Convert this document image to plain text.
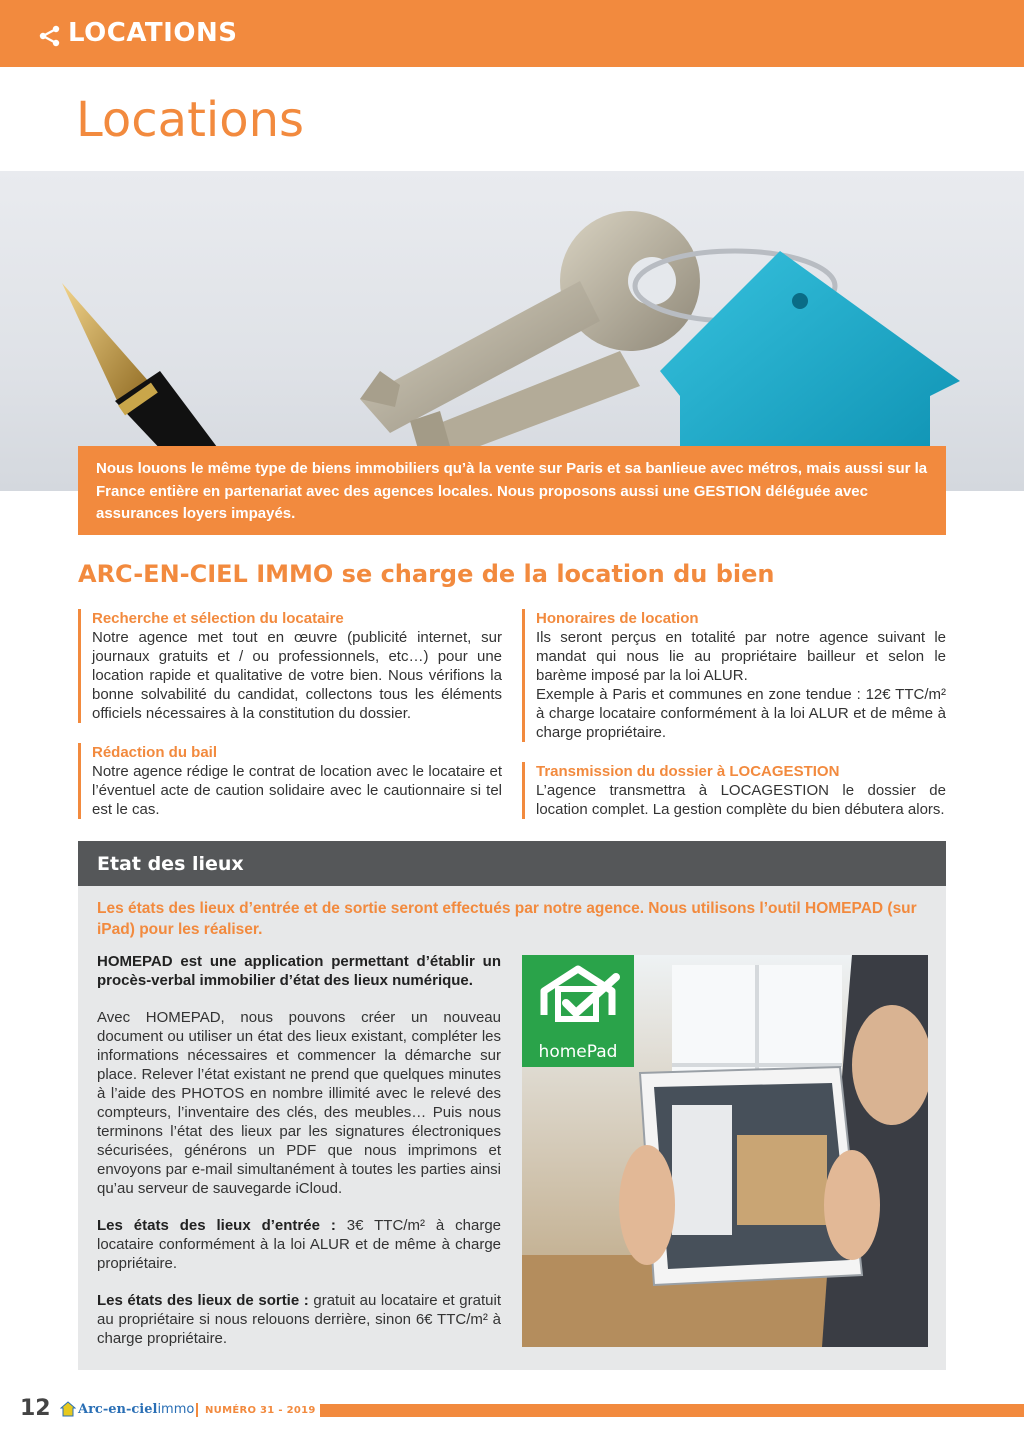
LOCATIONS
Locations

Nous louons le même type de biens immobiliers qu’à la vente sur Paris et sa banlieue avec métros, mais aussi sur la France entière en partenariat avec des agences locales. Nous proposons aussi une GESTION déléguée avec assurances loyers impayés.

ARC-EN-CIEL IMMO se charge de la location du bien
Recherche et sélection du locataire

Notre agence met tout en œuvre (publicité internet, sur journaux gratuits et / ou professionnels, etc…) pour une location rapide et qualitative de votre bien. Nous vérifions la bonne solvabilité du candidat, collectons tous les éléments officiels nécessaires à la constitution du dossier.

Rédaction du bail

Notre agence rédige le contrat de location avec le locataire et l’éventuel acte de caution solidaire avec le cautionnaire si tel est le cas.

Honoraires de location

Ils seront perçus en totalité par notre agence suivant le mandat qui nous lie au propriétaire bailleur et selon le barème imposé par la loi ALUR.

Exemple à Paris et communes en zone tendue : 12€ TTC/m² à charge locataire conformément à la loi ALUR et de même à charge propriétaire.

Transmission du dossier à LOCAGESTION

L’agence transmettra à LOCAGESTION le dossier de location complet. La gestion complète du bien débutera alors.

Etat des lieux

Les états des lieux d’entrée et de sortie seront effectués par notre agence. Nous utilisons l’outil HOMEPAD (sur iPad) pour les réaliser.

HOMEPAD est une application permettant d’établir un procès-verbal immobilier d’état des lieux numérique.

Avec HOMEPAD, nous pouvons créer un nouveau document ou utiliser un état des lieux existant, compléter les informations nécessaires et commencer la démarche sur place. Relever l’état existant ne prend que quelques minutes à l’aide des PHOTOS en nombre illimité avec le relevé des compteurs, l’inventaire des clés, des meubles… Puis nous terminons l’état des lieux par les signatures électroniques sécurisées, générons un PDF que nous imprimons et envoyons par e-mail simultanément à toutes les parties ainsi qu’au serveur de sauvegarde iCloud.

Les états des lieux d’entrée : 3€ TTC/m² à charge locataire conformément à la loi ALUR et de même à charge propriétaire.

Les états des lieux de sortie : gratuit au locataire et gratuit au propriétaire si nous relouons derrière, sinon 6€ TTC/m² à charge propriétaire.

homePad
12 Arc-en-cielimmo NUMÉRO 31 - 2019
